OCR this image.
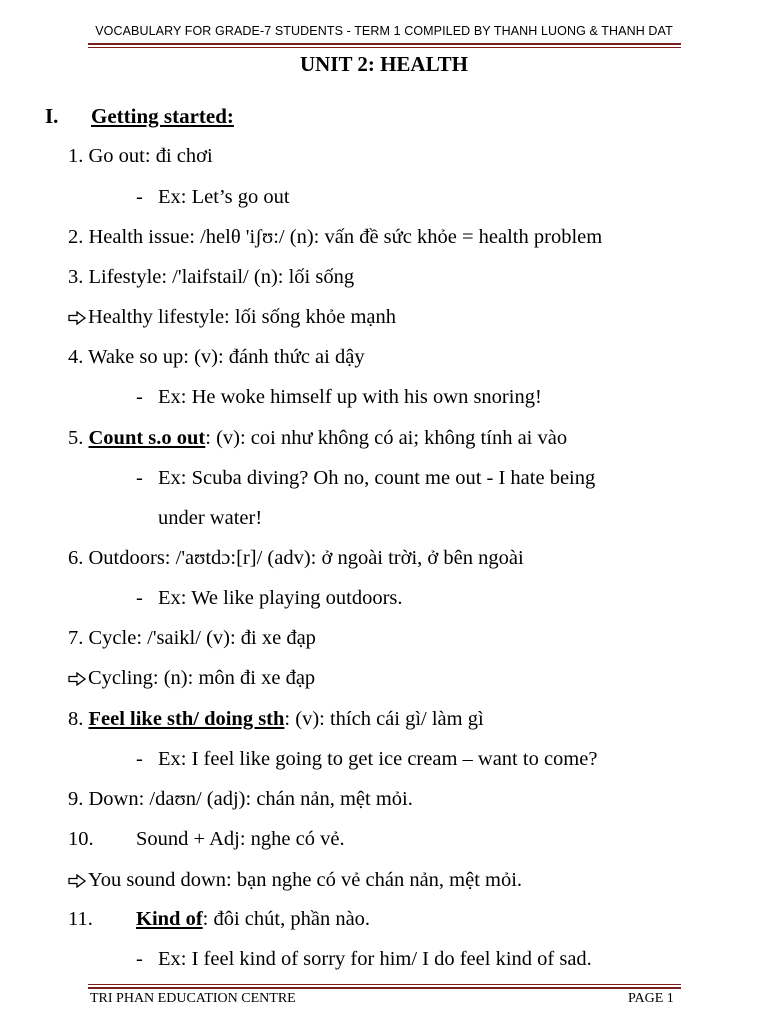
VOCABULARY FOR GRADE-7 STUDENTS - TERM 1 COMPILED BY THANH LUONG & THANH DAT
UNIT 2: HEALTH
I. Getting started:
1. Go out: đi chơi
- Ex: Let’s go out
2. Health issue: /helθ 'iʃʊ:/ (n): vấn đề sức khỏe = health problem
3. Lifestyle: /'laifstail/ (n): lối sống
Healthy lifestyle: lối sống khỏe mạnh
4. Wake so up: (v): đánh thức ai dậy
- Ex: He woke himself up with his own snoring!
5. Count s.o out: (v): coi như không có ai; không tính ai vào
- Ex: Scuba diving? Oh no, count me out - I hate being
under water!
6. Outdoors: /'aʊtdɔ:[r]/ (adv): ở ngoài trời, ở bên ngoài
- Ex: We like playing outdoors.
7. Cycle: /'saikl/ (v): đi xe đạp
Cycling: (n): môn đi xe đạp
8. Feel like sth/ doing sth: (v): thích cái gì/ làm gì
- Ex: I feel like going to get ice cream – want to come?
9. Down: /daʊn/ (adj): chán nản, mệt mỏi.
10. Sound + Adj: nghe có vẻ.
You sound down: bạn nghe có vẻ chán nản, mệt mỏi.
11. Kind of: đôi chút, phần nào.
- Ex: I feel kind of sorry for him/ I do feel kind of sad.
TRI PHAN EDUCATION CENTRE	PAGE 1
